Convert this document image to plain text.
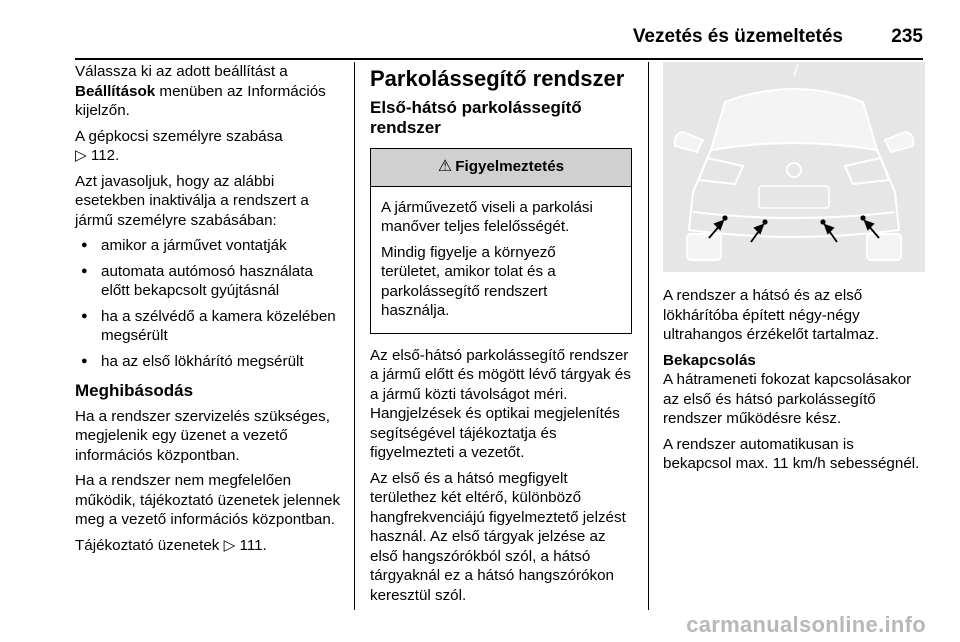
Vezetés és üzemeltetés	235

Válassza ki az adott beállítást a Beállítások menüben az Információs kijelzőn.

A gépkocsi személyre szabása
▷ 112.

Azt javasoljuk, hogy az alábbi esetekben inaktiválja a rendszert a jármű személyre szabásában:

● amikor a járművet vontatják
● automata autómosó használata előtt bekapcsolt gyújtásnál
● ha a szélvédő a kamera közelében megsérült
● ha az első lökhárító megsérült
Meghibásodás

Ha a rendszer szervizelés szükséges, megjelenik egy üzenet a vezető információs központban.

Ha a rendszer nem megfelelően működik, tájékoztató üzenetek jelennek meg a vezető információs központban.

Tájékoztató üzenetek ▷ 111.

Parkolássegítő rendszer
Első-hátsó parkolássegítő rendszer
⚠ Figyelmeztetés

A járművezető viseli a parkolási manőver teljes felelősségét.

Mindig figyelje a környező területet, amikor tolat és a parkolássegítő rendszert használja.

Az első-hátsó parkolássegítő rendszer a jármű előtt és mögött lévő tárgyak és a jármű közti távolságot méri. Hangjelzések és optikai megjelenítés segítségével tájékoztatja és figyelmezteti a vezetőt.

Az első és a hátsó megfigyelt területhez két eltérő, különböző hangfrekvenciájú figyelmeztető jelzést használ. Az első tárgyak jelzése az első hangszórókból szól, a hátsó tárgyaknál ez a hátsó hangszórókon keresztül szól.

A rendszer a hátsó és az első lökhárítóba épített négy-négy ultrahangos érzékelőt tartalmaz.

Bekapcsolás

A hátrameneti fokozat kapcsolásakor az első és hátsó parkolássegítő rendszer működésre kész.

A rendszer automatikusan is bekapcsol max. 11 km/h sebességnél.

carmanualsonline.info
